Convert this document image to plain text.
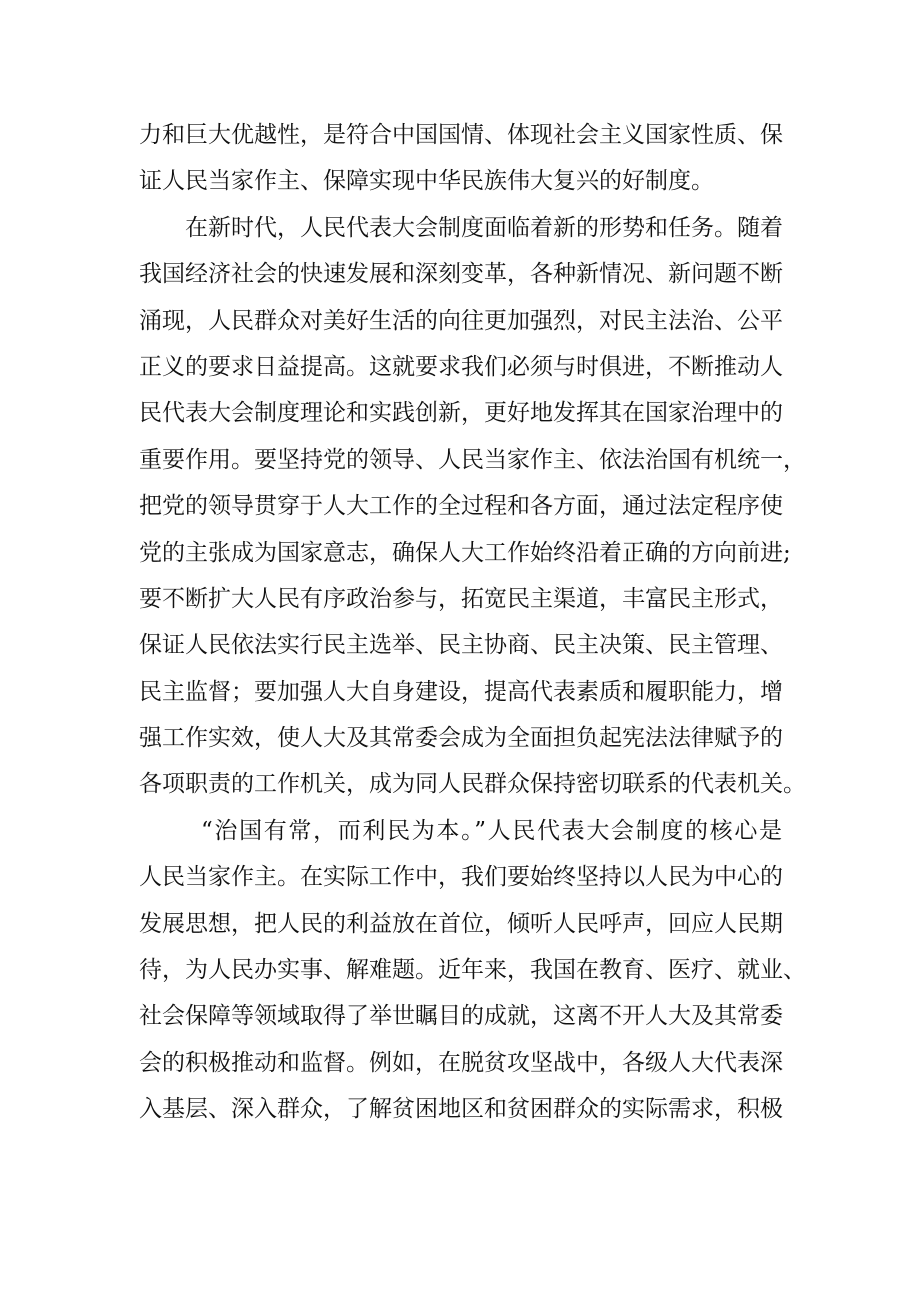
力和巨大优越性，是符合中国国情、体现社会主义国家性质、保
证人民当家作主、保障实现中华民族伟大复兴的好制度。
在新时代，人民代表大会制度面临着新的形势和任务。随着
我国经济社会的快速发展和深刻变革，各种新情况、新问题不断
涌现，人民群众对美好生活的向往更加强烈，对民主法治、公平
正义的要求日益提高。这就要求我们必须与时俱进，不断推动人
民代表大会制度理论和实践创新，更好地发挥其在国家治理中的
重要作用。要坚持党的领导、人民当家作主、依法治国有机统一，
把党的领导贯穿于人大工作的全过程和各方面，通过法定程序使
党的主张成为国家意志，确保人大工作始终沿着正确的方向前进;
要不断扩大人民有序政治参与，拓宽民主渠道，丰富民主形式，
保证人民依法实行民主选举、民主协商、民主决策、民主管理、
民主监督；要加强人大自身建设，提高代表素质和履职能力，增
强工作实效，使人大及其常委会成为全面担负起宪法法律赋予的
各项职责的工作机关，成为同人民群众保持密切联系的代表机关。
“治国有常，而利民为本。”人民代表大会制度的核心是
人民当家作主。在实际工作中，我们要始终坚持以人民为中心的
发展思想，把人民的利益放在首位，倾听人民呼声，回应人民期
待，为人民办实事、解难题。近年来，我国在教育、医疗、就业、
社会保障等领域取得了举世瞩目的成就，这离不开人大及其常委
会的积极推动和监督。例如，在脱贫攻坚战中，各级人大代表深
入基层、深入群众，了解贫困地区和贫困群众的实际需求，积极
